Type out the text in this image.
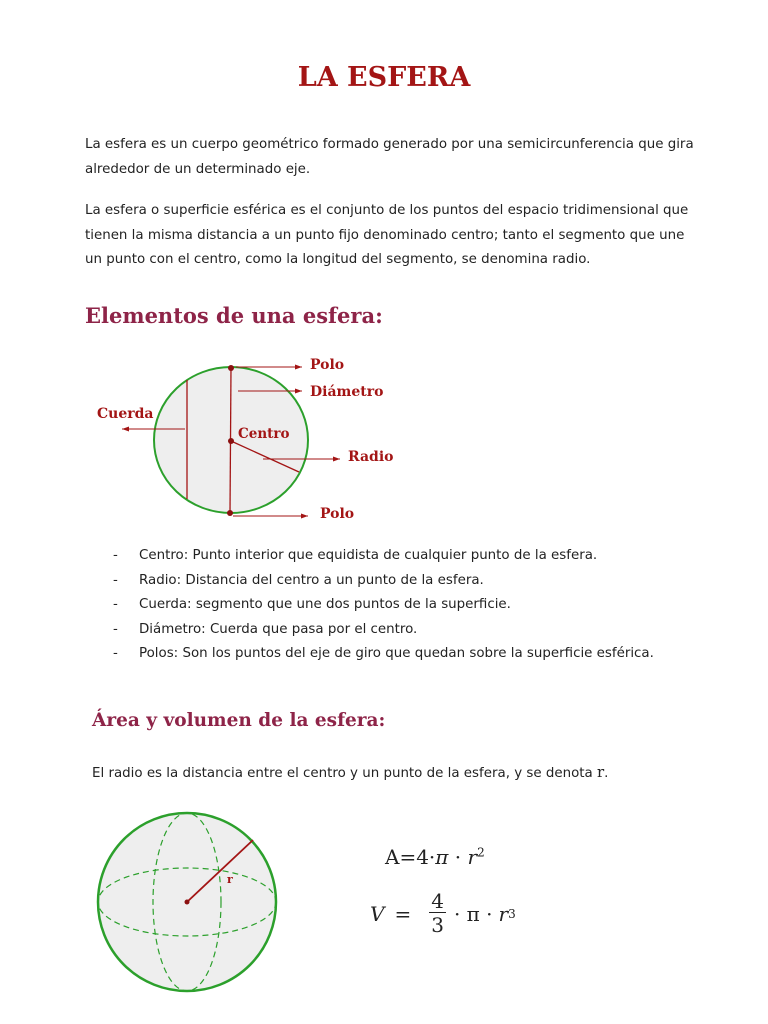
LA ESFERA

La esfera es un cuerpo geométrico formado generado por una semicircunferencia que gira alrededor de un determinado eje.

La esfera o superficie esférica es el conjunto de los puntos del espacio tridimensional que tienen la misma distancia a un punto fijo denominado centro; tanto el segmento que une un punto con el centro, como la longitud del segmento, se denomina radio.

Elementos de una esfera:
Polo
Diámetro
Cuerda
Centro
Radio
Polo
- Centro: Punto interior que equidista de cualquier punto de la esfera.
- Radio: Distancia del centro a un punto de la esfera.
- Cuerda: segmento que une dos puntos de la superficie.
- Diámetro: Cuerda que pasa por el centro.
- Polos: Son los puntos del eje de giro que quedan sobre la superficie esférica.
Área y volumen de la esfera:

El radio es la distancia entre el centro y un punto de la esfera, y se denota r.

r
$A=4\cdot\pi \cdot r^2$
$V = \frac{4}{3} \cdot \pi \cdot r$ 3
